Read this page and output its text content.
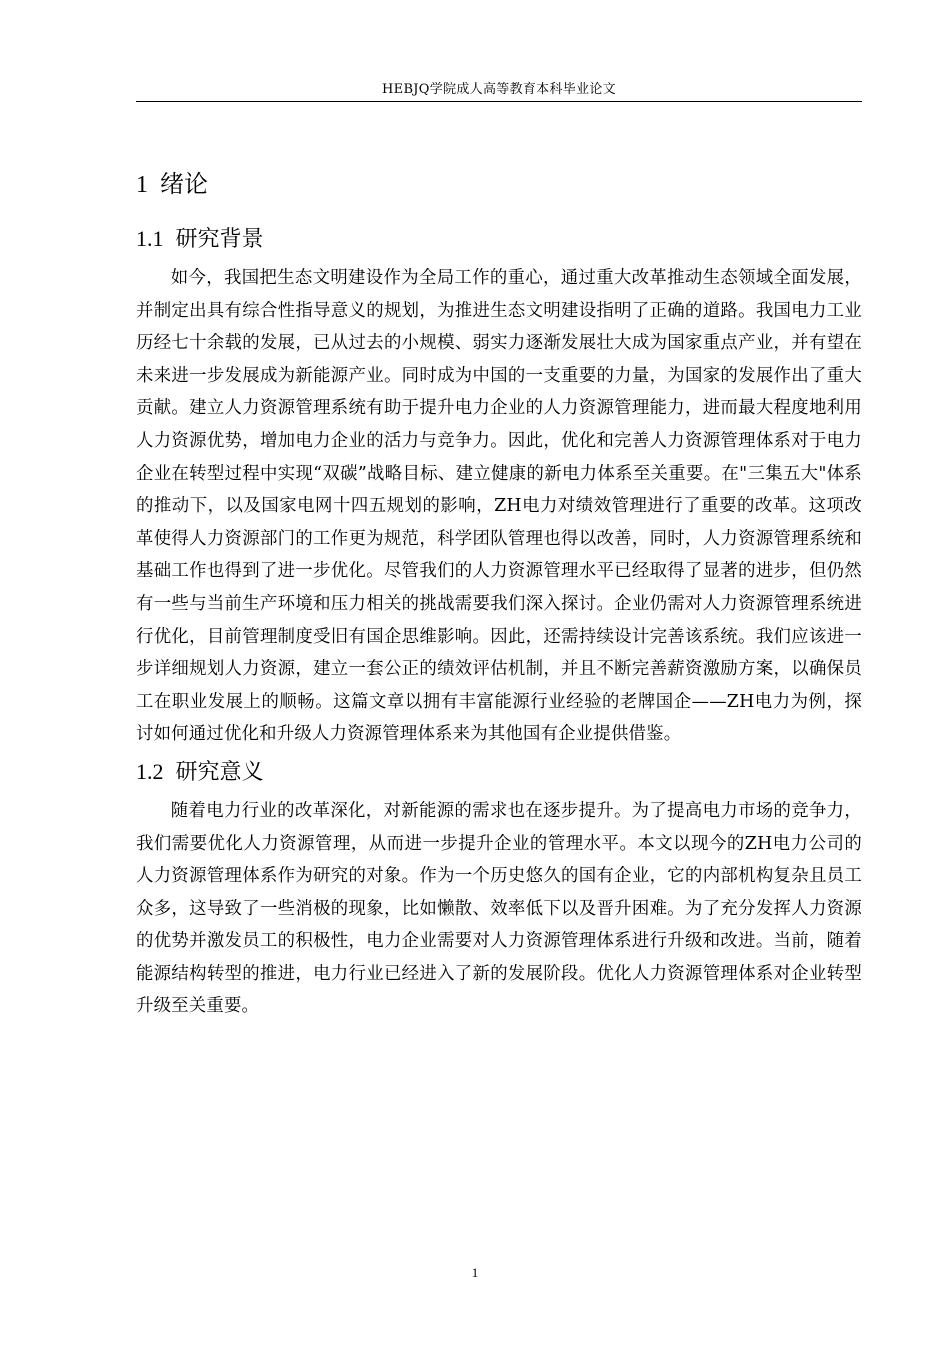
HEBJQ学院成人高等教育本科毕业论文
1 绪论
1.1 研究背景

如今，我国把生态文明建设作为全局工作的重心，通过重大改革推动生态领域全面发展，并制定出具有综合性指导意义的规划，为推进生态文明建设指明了正确的道路。我国电力工业历经七十余载的发展，已从过去的小规模、弱实力逐渐发展壮大成为国家重点产业，并有望在未来进一步发展成为新能源产业。同时成为中国的一支重要的力量，为国家的发展作出了重大贡献。建立人力资源管理系统有助于提升电力企业的人力资源管理能力，进而最大程度地利用人力资源优势，增加电力企业的活力与竞争力。因此，优化和完善人力资源管理体系对于电力企业在转型过程中实现“双碳”战略目标、建立健康的新电力体系至关重要。在"三集五大"体系的推动下，以及国家电网十四五规划的影响，ZH电力对绩效管理进行了重要的改革。这项改革使得人力资源部门的工作更为规范，科学团队管理也得以改善，同时，人力资源管理系统和基础工作也得到了进一步优化。尽管我们的人力资源管理水平已经取得了显著的进步，但仍然有一些与当前生产环境和压力相关的挑战需要我们深入探讨。企业仍需对人力资源管理系统进行优化，目前管理制度受旧有国企思维影响。因此，还需持续设计完善该系统。我们应该进一步详细规划人力资源，建立一套公正的绩效评估机制，并且不断完善薪资激励方案，以确保员工在职业发展上的顺畅。这篇文章以拥有丰富能源行业经验的老牌国企——ZH电力为例，探讨如何通过优化和升级人力资源管理体系来为其他国有企业提供借鉴。

1.2 研究意义

随着电力行业的改革深化，对新能源的需求也在逐步提升。为了提高电力市场的竞争力，我们需要优化人力资源管理，从而进一步提升企业的管理水平。本文以现今的ZH电力公司的人力资源管理体系作为研究的对象。作为一个历史悠久的国有企业，它的内部机构复杂且员工众多，这导致了一些消极的现象，比如懒散、效率低下以及晋升困难。为了充分发挥人力资源的优势并激发员工的积极性，电力企业需要对人力资源管理体系进行升级和改进。当前，随着能源结构转型的推进，电力行业已经进入了新的发展阶段。优化人力资源管理体系对企业转型升级至关重要。

1
